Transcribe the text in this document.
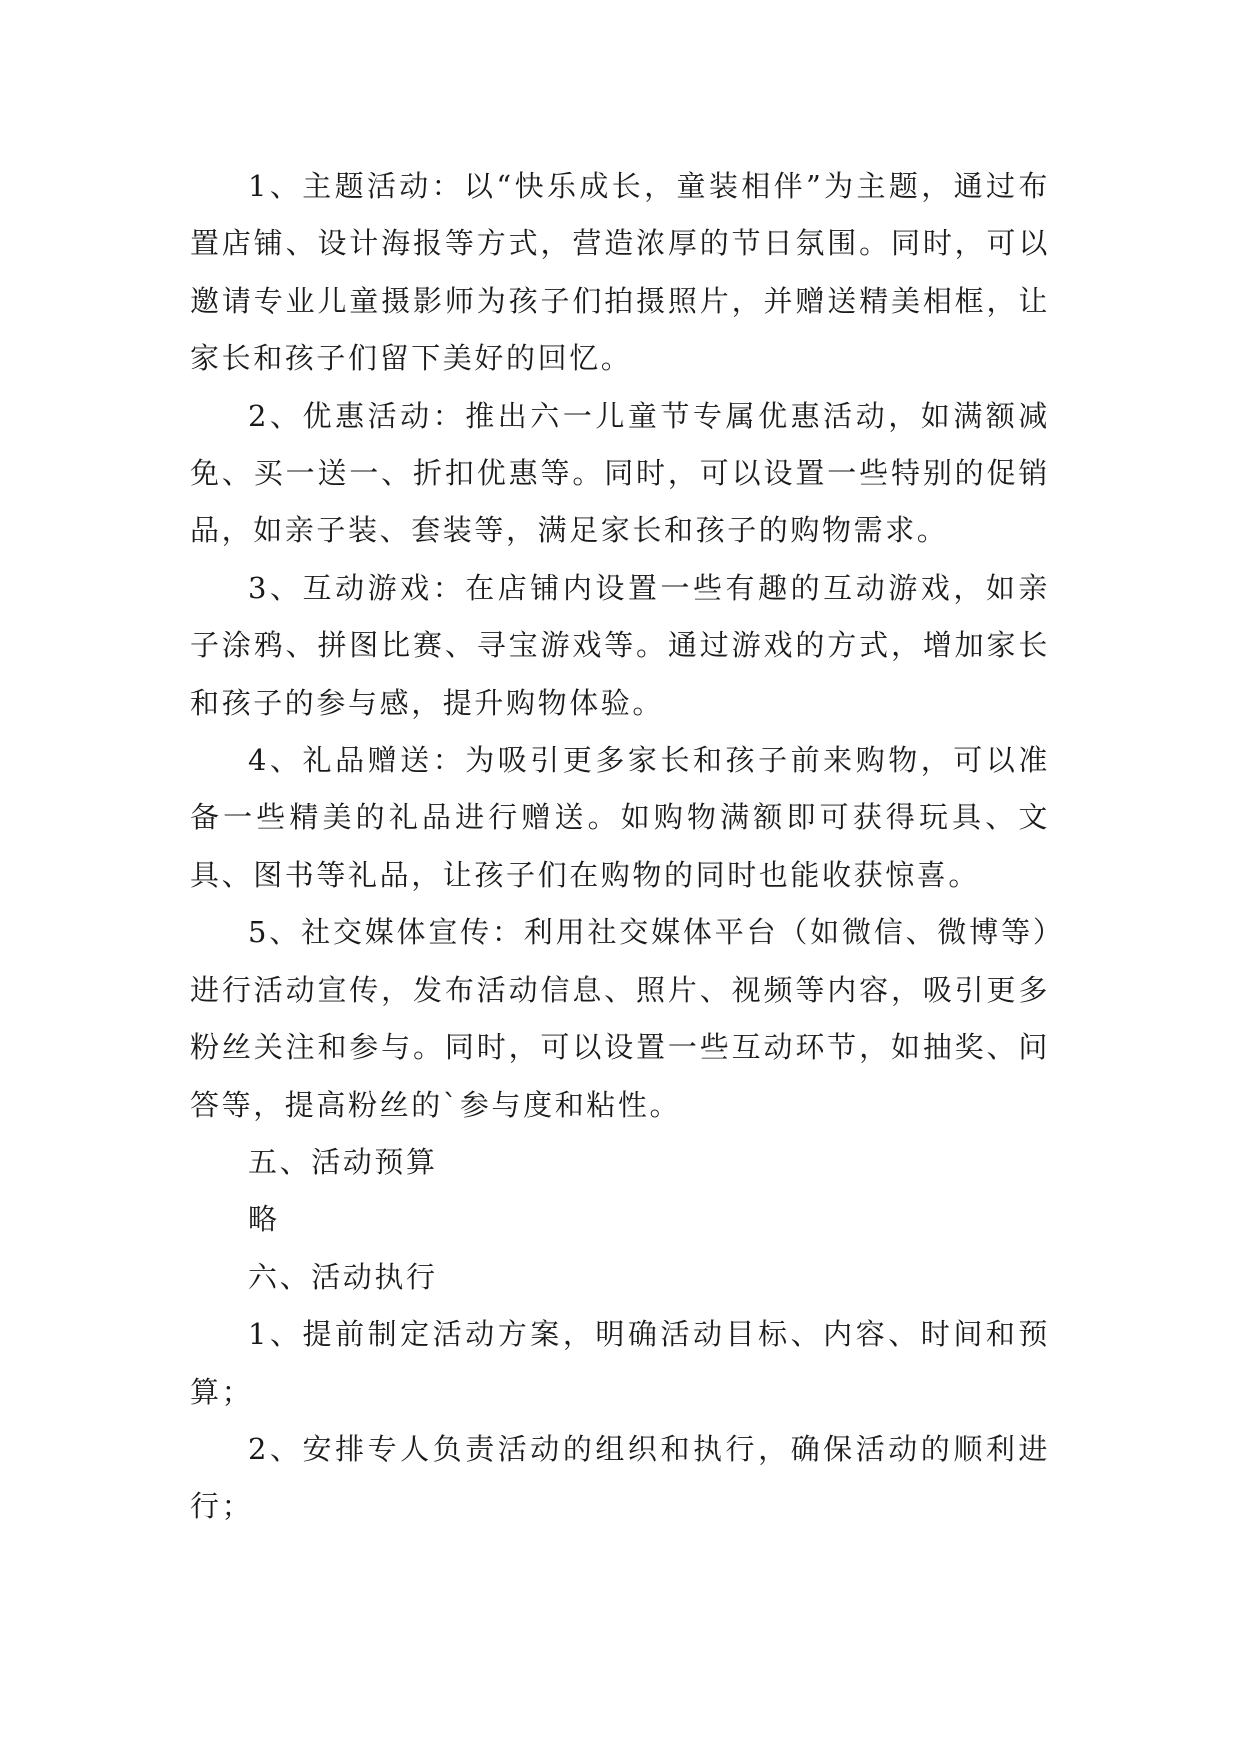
1、主题活动：以“快乐成长，童装相伴”为主题，通过布置店铺、设计海报等方式，营造浓厚的节日氛围。同时，可以邀请专业儿童摄影师为孩子们拍摄照片，并赠送精美相框，让家长和孩子们留下美好的回忆。

2、优惠活动：推出六一儿童节专属优惠活动，如满额减免、买一送一、折扣优惠等。同时，可以设置一些特别的促销品，如亲子装、套装等，满足家长和孩子的购物需求。

3、互动游戏：在店铺内设置一些有趣的互动游戏，如亲子涂鸦、拼图比赛、寻宝游戏等。通过游戏的方式，增加家长和孩子的参与感，提升购物体验。

4、礼品赠送：为吸引更多家长和孩子前来购物，可以准备一些精美的礼品进行赠送。如购物满额即可获得玩具、文具、图书等礼品，让孩子们在购物的同时也能收获惊喜。

5、社交媒体宣传：利用社交媒体平台（如微信、微博等）进行活动宣传，发布活动信息、照片、视频等内容，吸引更多粉丝关注和参与。同时，可以设置一些互动环节，如抽奖、问答等，提高粉丝的`参与度和粘性。

五、活动预算

略

六、活动执行

1、提前制定活动方案，明确活动目标、内容、时间和预算；

2、安排专人负责活动的组织和执行，确保活动的顺利进行；
